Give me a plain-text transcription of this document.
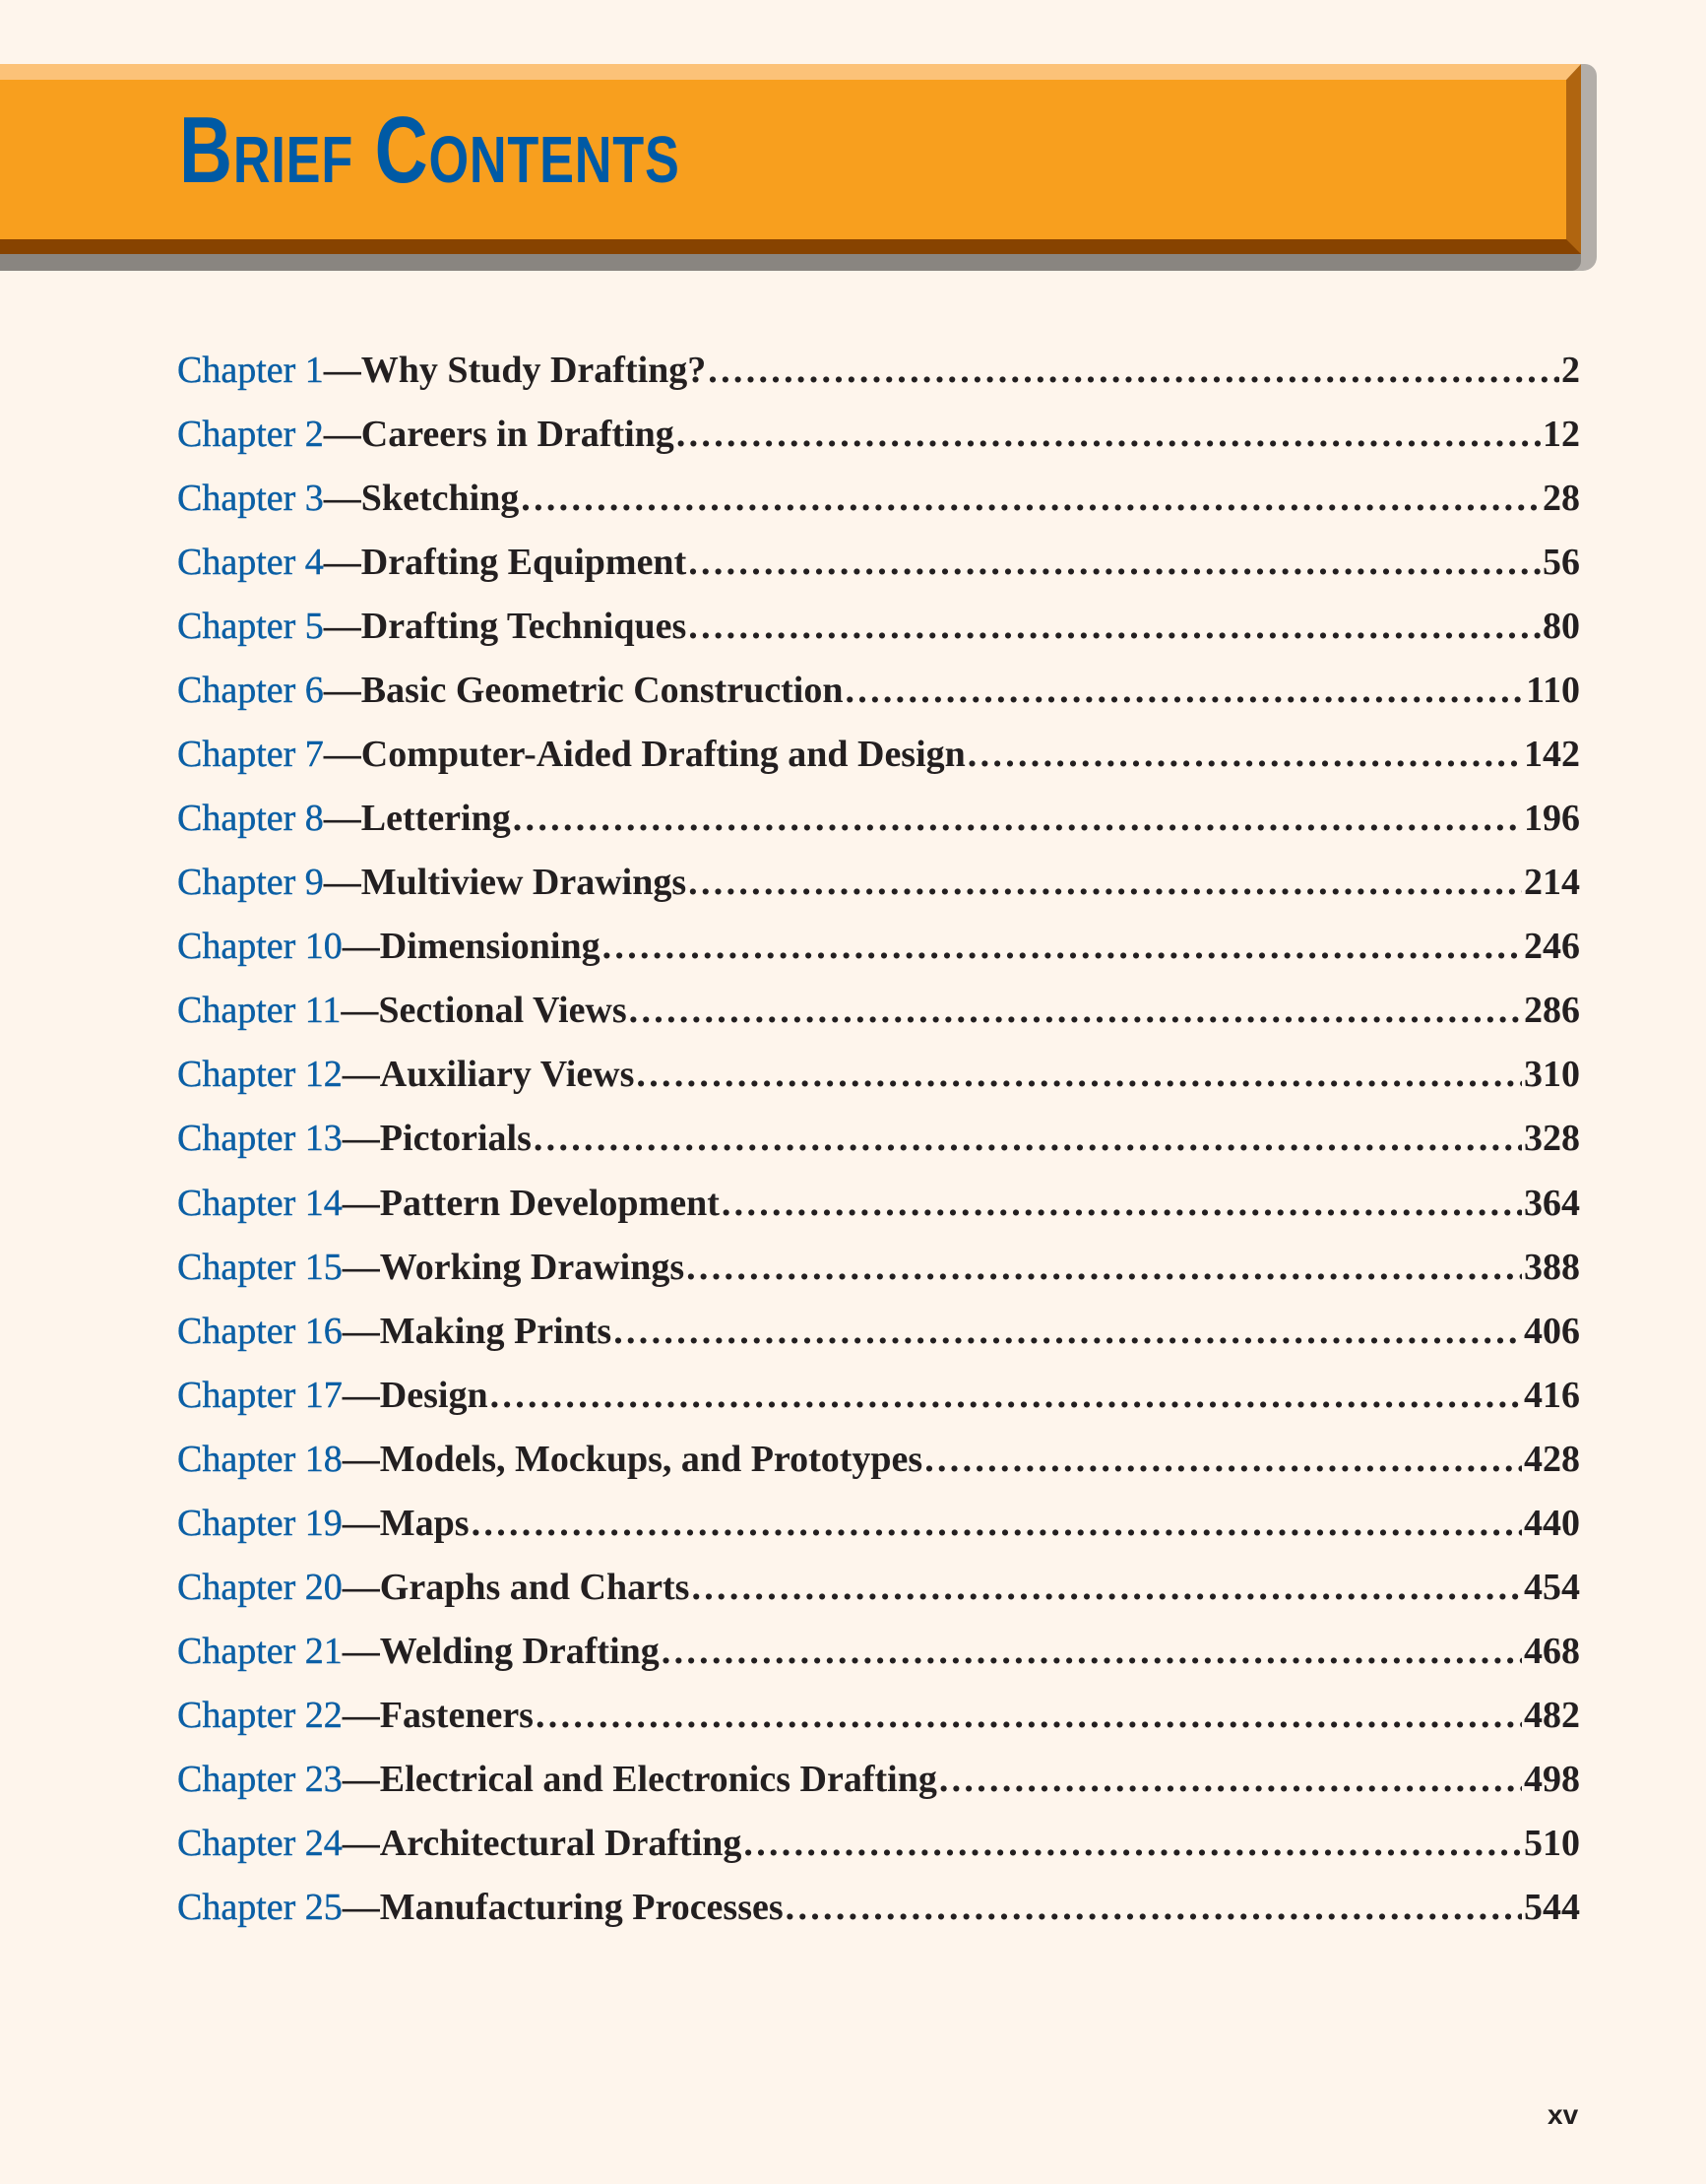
Brief Contents
Chapter 1 — Why Study Drafting? .....	2
Chapter 2 — Careers in Drafting .....	12
Chapter 3 — Sketching .....	28
Chapter 4 — Drafting Equipment .....	56
Chapter 5 — Drafting Techniques .....	80
Chapter 6 — Basic Geometric Construction .....	110
Chapter 7 — Computer-Aided Drafting and Design .....	142
Chapter 8 — Lettering .....	196
Chapter 9 — Multiview Drawings .....	214
Chapter 10 — Dimensioning .....	246
Chapter 11 — Sectional Views .....	286
Chapter 12 — Auxiliary Views .....	310
Chapter 13 — Pictorials .....	328
Chapter 14 — Pattern Development .....	364
Chapter 15 — Working Drawings .....	388
Chapter 16 — Making Prints .....	406
Chapter 17 — Design .....	416
Chapter 18 — Models, Mockups, and Prototypes .....	428
Chapter 19 — Maps .....	440
Chapter 20 — Graphs and Charts .....	454
Chapter 21 — Welding Drafting .....	468
Chapter 22 — Fasteners .....	482
Chapter 23 — Electrical and Electronics Drafting .....	498
Chapter 24 — Architectural Drafting .....	510
Chapter 25 — Manufacturing Processes .....	544
xv
